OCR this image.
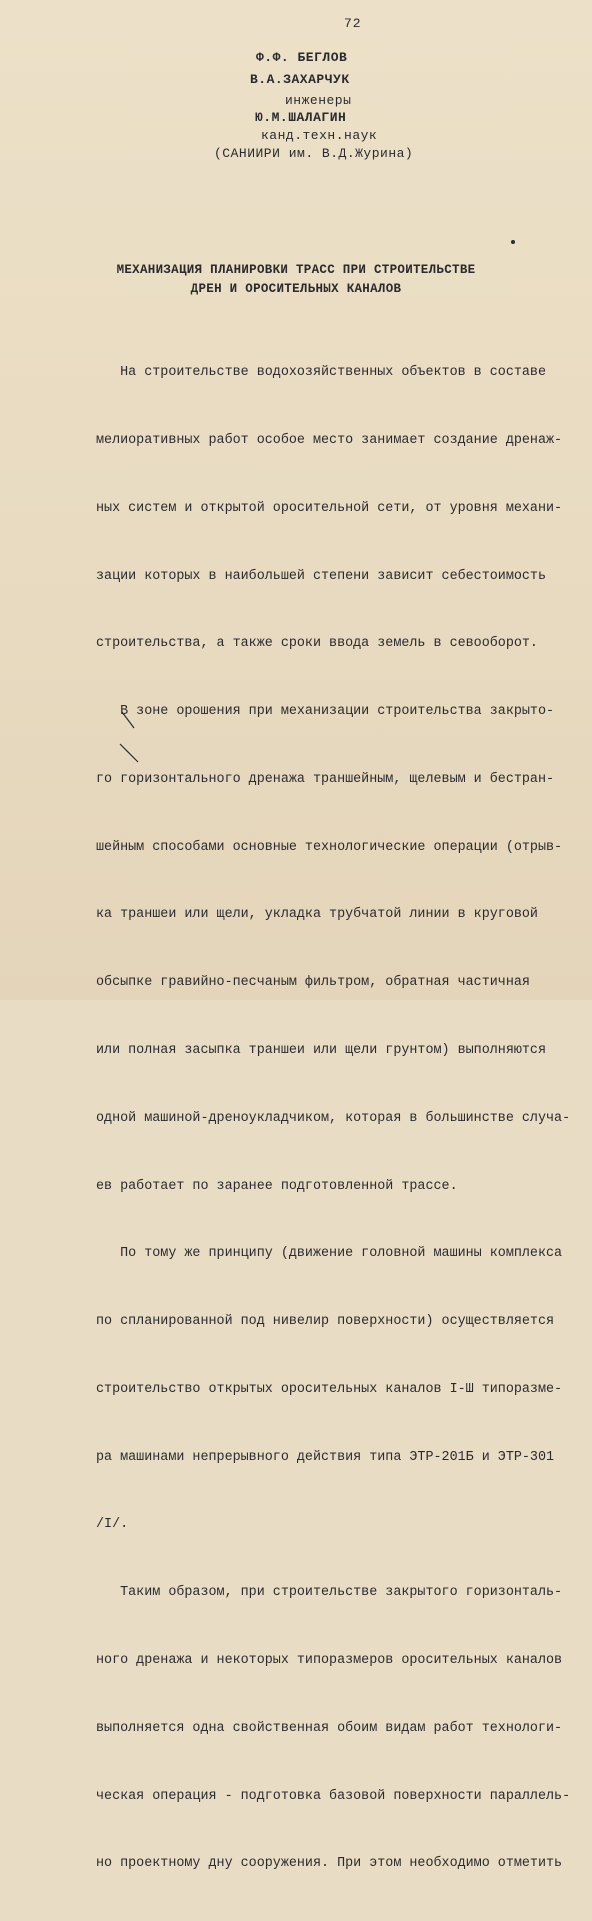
72
Ф.Ф. БЕГЛОВ
В.А.ЗАХАРЧУК
инженеры
Ю.М.ШАЛАГИН
канд.техн.наук
(САНИИРИ им. В.Д.Журина)
МЕХАНИЗАЦИЯ ПЛАНИРОВКИ ТРАСС ПРИ СТРОИТЕЛЬСТВЕ
ДРЕН И ОРОСИТЕЛЬНЫХ КАНАЛОВ

На строительстве водохозяйственных объектов в составе

мелиоративных работ особое место занимает создание дренаж-

ных систем и открытой оросительной сети, от уровня механи-

зации которых в наибольшей степени зависит себестоимость

строительства, а также сроки ввода земель в севооборот.

В зоне орошения при механизации строительства закрыто-

го горизонтального дренажа траншейным, щелевым и бестран-

шейным способами основные технологические операции (отрыв-

ка траншеи или щели, укладка трубчатой линии в круговой

обсыпке гравийно-песчаным фильтром, обратная частичная

или полная засыпка траншеи или щели грунтом) выполняются

одной машиной-дреноукладчиком, которая в большинстве случа-

ев работает по заранее подготовленной трассе.

По тому же принципу (движение головной машины комплекса

по спланированной под нивелир поверхности) осуществляется

строительство открытых оросительных каналов I-Ш типоразме-

ра машинами непрерывного действия типа ЭТР-201Б и ЭТР-301

/I/.

Таким образом, при строительстве закрытого горизонталь-

ного дренажа и некоторых типоразмеров оросительных каналов

выполняется одна свойственная обоим видам работ технологи-

ческая операция - подготовка базовой поверхности параллель-

но проектному дну сооружения. При этом необходимо отметить
